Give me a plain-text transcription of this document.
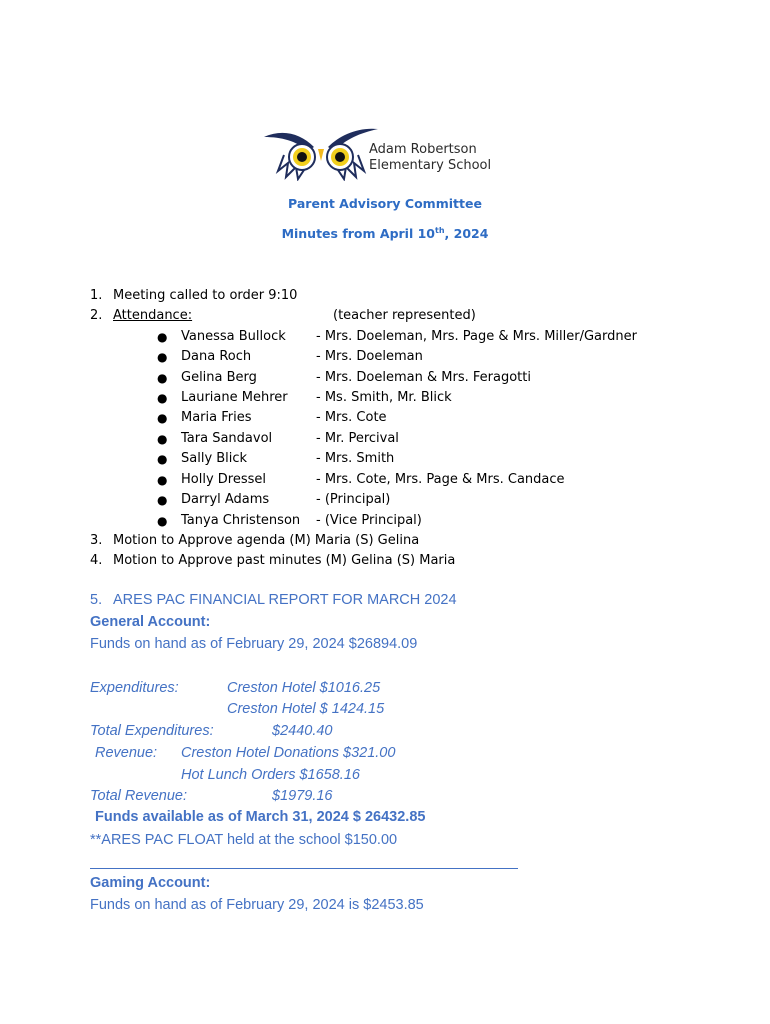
Adam Robertson
Elementary School
Parent Advisory Committee
Minutes from April 10th, 2024
1. Meeting called to order 9:10
2. Attendance:	(teacher represented)
● Vanessa Bullock - Mrs. Doeleman, Mrs. Page & Mrs. Miller/Gardner
● Dana Roch	- Mrs. Doeleman
● Gelina Berg	- Mrs. Doeleman & Mrs. Feragotti
● Lauriane Mehrer - Ms. Smith, Mr. Blick
● Maria Fries	- Mrs. Cote
● Tara Sandavol	- Mr. Percival
● Sally Blick	- Mrs. Smith
● Holly Dressel	- Mrs. Cote, Mrs. Page & Mrs. Candace
● Darryl Adams	- (Principal)
● Tanya Christenson - (Vice Principal)
3. Motion to Approve agenda (M) Maria (S) Gelina
4. Motion to Approve past minutes (M) Gelina (S) Maria
5. ARES PAC FINANCIAL REPORT FOR MARCH 2024
General Account:
Funds on hand as of February 29, 2024 $26894.09
Expenditures:	Creston Hotel $1016.25
Creston Hotel $ 1424.15
Total Expenditures:	$2440.40
Revenue: Creston Hotel Donations $321.00
Hot Lunch Orders $1658.16
Total Revenue:	$1979.16
Funds available as of March 31, 2024 $ 26432.85
**ARES PAC FLOAT held at the school $150.00
Gaming Account:
Funds on hand as of February 29, 2024 is $2453.85
